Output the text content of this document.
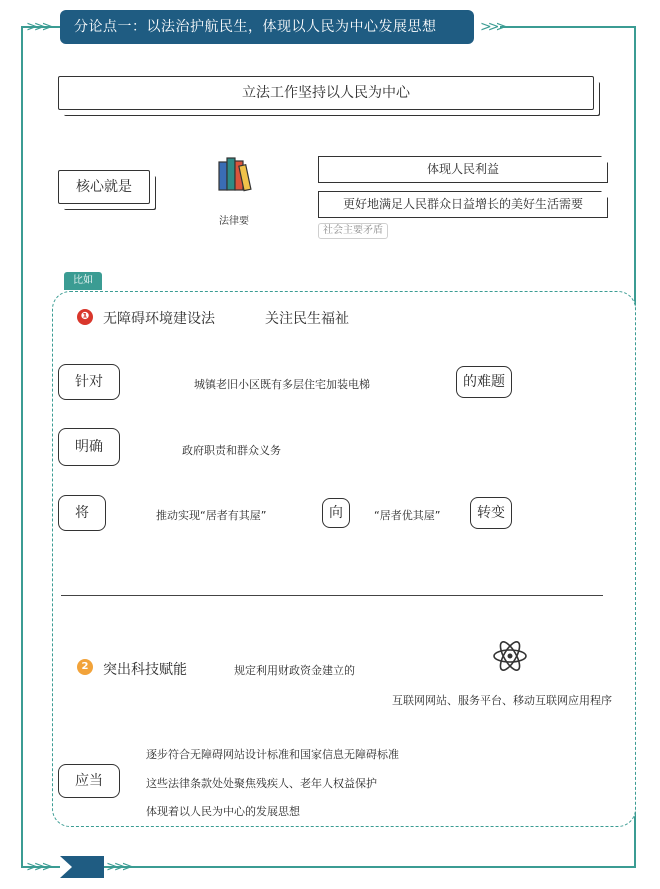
>>>	>>>
>>>	>>>
分论点一：以法治护航民生，体现以人民为中心发展思想
立法工作坚持以人民为中心
核心就是
法律要
体现人民利益
更好地满足人民群众日益增长的美好生活需要
社会主要矛盾
比如
❶ 无障碍环境建设法	关注民生福祉
针对	城镇老旧小区既有多层住宅加装电梯	的难题
明确	政府职责和群众义务
将	推动实现“居者有其屋”	向	“居者优其屋”	转变
2	突出科技赋能	规定利用财政资金建立的
互联网网站、服务平台、移动互联网应用程序
应当
逐步符合无障碍网站设计标准和国家信息无障碍标准
这些法律条款处处聚焦残疾人、老年人权益保护
体现着以人民为中心的发展思想
